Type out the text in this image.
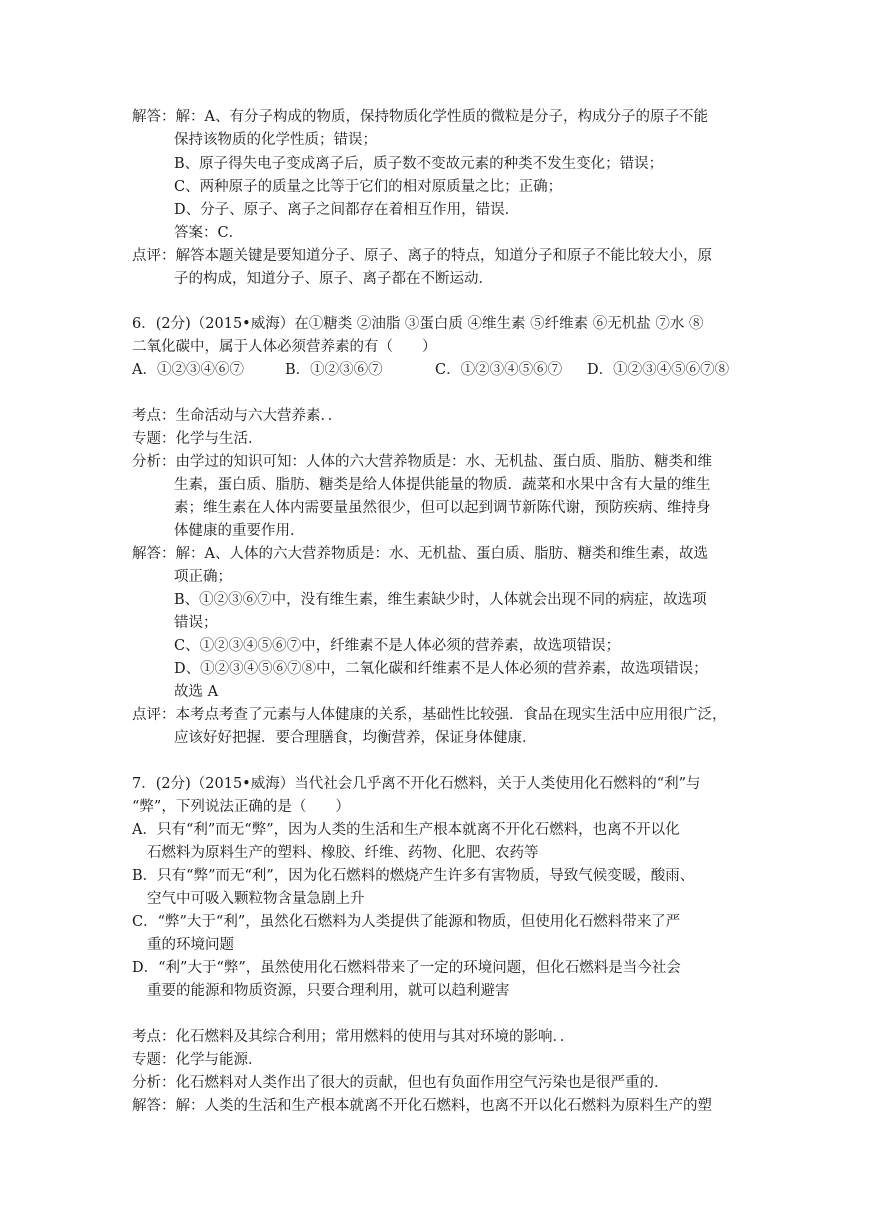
解答：解：A、有分子构成的物质，保持物质化学性质的微粒是分子，构成分子的原子不能
保持该物质的化学性质；错误；
B、原子得失电子变成离子后，质子数不变故元素的种类不发生变化；错误；
C、两种原子的质量之比等于它们的相对原质量之比；正确；
D、分子、原子、离子之间都存在着相互作用，错误．
答案：C．
点评：解答本题关键是要知道分子、原子、离子的特点，知道分子和原子不能比较大小，原
子的构成，知道分子、原子、离子都在不断运动．
6．(2分)（2015•威海）在①糖类 ②油脂 ③蛋白质 ④维生素 ⑤纤维素 ⑥无机盐 ⑦水 ⑧
二氧化碳中，属于人体必须营养素的有（　　）
A．①②③④⑥⑦	B．①②③⑥⑦	C．①②③④⑤⑥⑦ D．①②③④⑤⑥⑦⑧
考点：生命活动与六大营养素．．
专题：化学与生活．
分析：由学过的知识可知：人体的六大营养物质是：水、无机盐、蛋白质、脂肪、糖类和维
生素，蛋白质、脂肪、糖类是给人体提供能量的物质．蔬菜和水果中含有大量的维生
素；维生素在人体内需要量虽然很少，但可以起到调节新陈代谢，预防疾病、维持身
体健康的重要作用．
解答：解：A、人体的六大营养物质是：水、无机盐、蛋白质、脂肪、糖类和维生素，故选
项正确；
B、①②③⑥⑦中，没有维生素，维生素缺少时，人体就会出现不同的病症，故选项
错误；
C、①②③④⑤⑥⑦中，纤维素不是人体必须的营养素，故选项错误；
D、①②③④⑤⑥⑦⑧中，二氧化碳和纤维素不是人体必须的营养素，故选项错误；
故选 A
点评：本考点考查了元素与人体健康的关系，基础性比较强．食品在现实生活中应用很广泛，
应该好好把握．要合理膳食，均衡营养，保证身体健康．
7．(2分)（2015•威海）当代社会几乎离不开化石燃料，关于人类使用化石燃料的“利”与
“弊”，下列说法正确的是（　　）
A．只有“利”而无“弊”，因为人类的生活和生产根本就离不开化石燃料，也离不开以化
石燃料为原料生产的塑料、橡胶、纤维、药物、化肥、农药等
B．只有“弊”而无“利”，因为化石燃料的燃烧产生许多有害物质，导致气候变暖，酸雨、
空气中可吸入颗粒物含量急剧上升
C．“弊”大于“利”，虽然化石燃料为人类提供了能源和物质，但使用化石燃料带来了严
重的环境问题
D．“利”大于“弊”，虽然使用化石燃料带来了一定的环境问题，但化石燃料是当今社会
重要的能源和物质资源，只要合理利用，就可以趋利避害
考点：化石燃料及其综合利用；常用燃料的使用与其对环境的影响．．
专题：化学与能源．
分析：化石燃料对人类作出了很大的贡献，但也有负面作用空气污染也是很严重的．
解答：解：人类的生活和生产根本就离不开化石燃料，也离不开以化石燃料为原料生产的塑
